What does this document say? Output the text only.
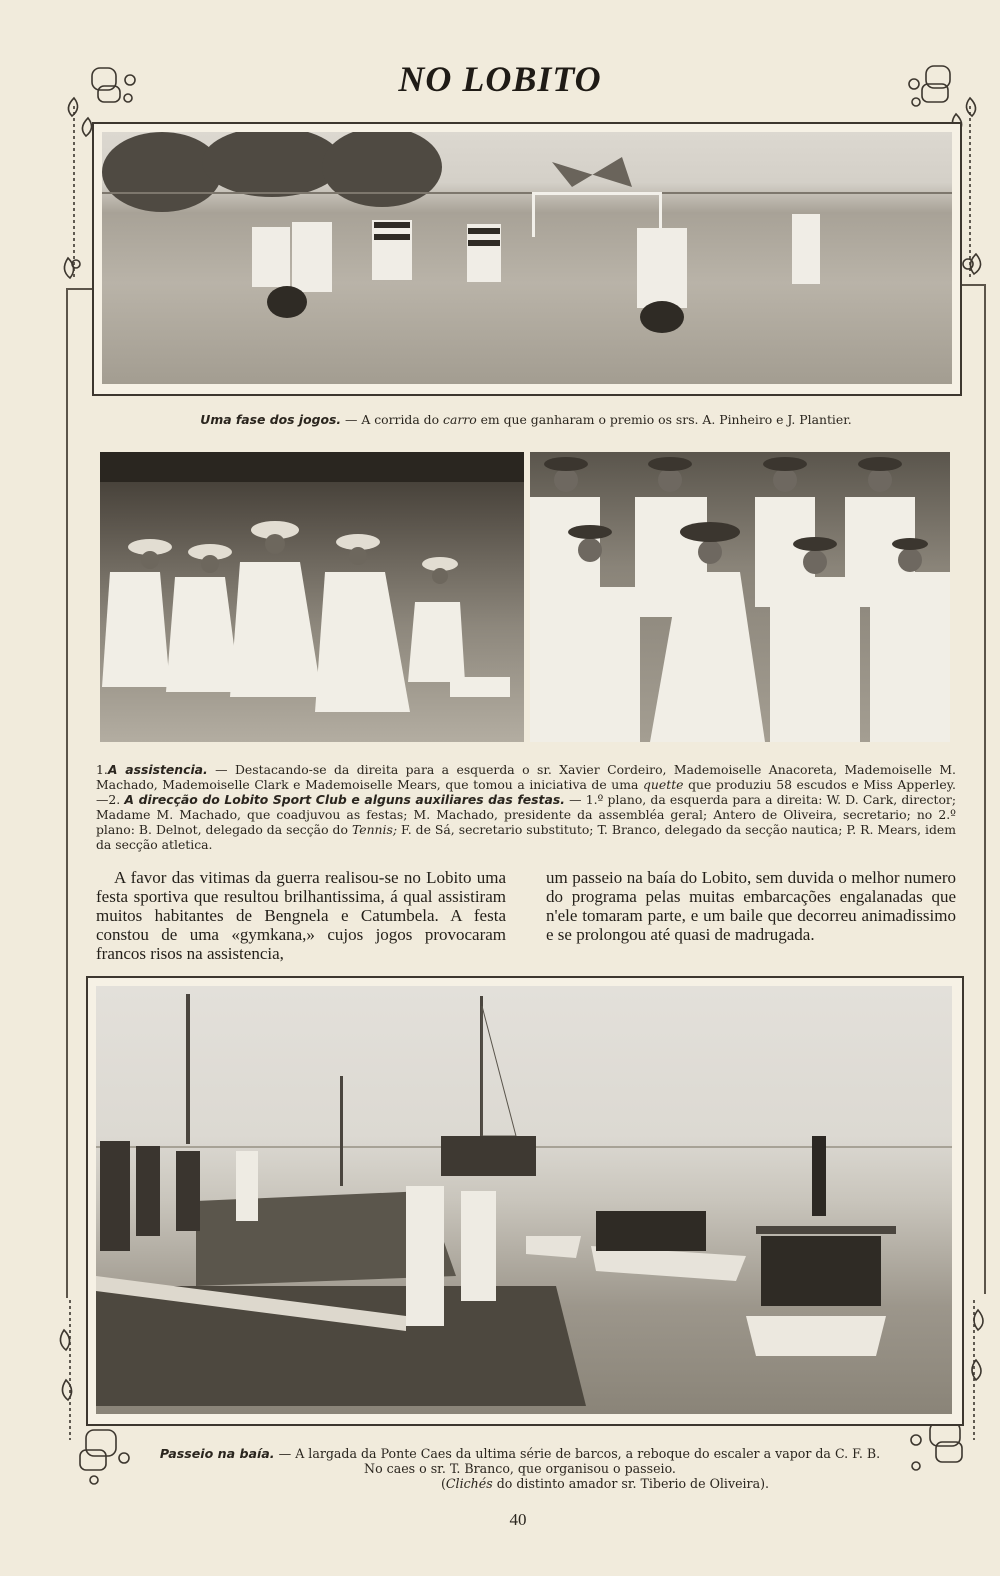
NO LOBITO
Uma fase dos jogos. — A corrida do carro em que ganharam o premio os srs. A. Pinheiro e J. Plantier.
1.A assistencia. — Destacando-se da direita para a esquerda o sr. Xavier Cordeiro, Mademoiselle Anacoreta, Mademoiselle M. Machado, Mademoiselle Clark e Mademoiselle Mears, que tomou a iniciativa de uma quette que produziu 58 escudos e Miss Apperley.—2. A direcção do Lobito Sport Club e alguns auxiliares das festas. — 1.º plano, da esquerda para a direita: W. D. Cark, director; Madame M. Machado, que coadjuvou as festas; M. Machado, presidente da assembléa geral; Antero de Oliveira, secretario; no 2.º plano: B. Delnot, delegado da secção do Tennis; F. de Sá, secretario substituto; T. Branco, delegado da secção nautica; P. R. Mears, idem da secção atletica.
A favor das vitimas da guerra realisou-se no Lobito uma festa sportiva que resultou brilhantissima, á qual assistiram muitos habitantes de Bengnela e Catumbela. A festa constou de uma «gymkana,» cujos jogos provocaram francos risos na assistencia,
um passeio na baía do Lobito, sem duvida o melhor numero do programa pelas muitas embarcações engalanadas que n'ele tomaram parte, e um baile que decorreu animadissimo e se prolongou até quasi de madrugada.
Passeio na baía. — A largada da Ponte Caes da ultima série de barcos, a reboque do escaler a vapor da C. F. B. No caes o sr. T. Branco, que organisou o passeio.
(Clichés do distinto amador sr. Tiberio de Oliveira).
40
